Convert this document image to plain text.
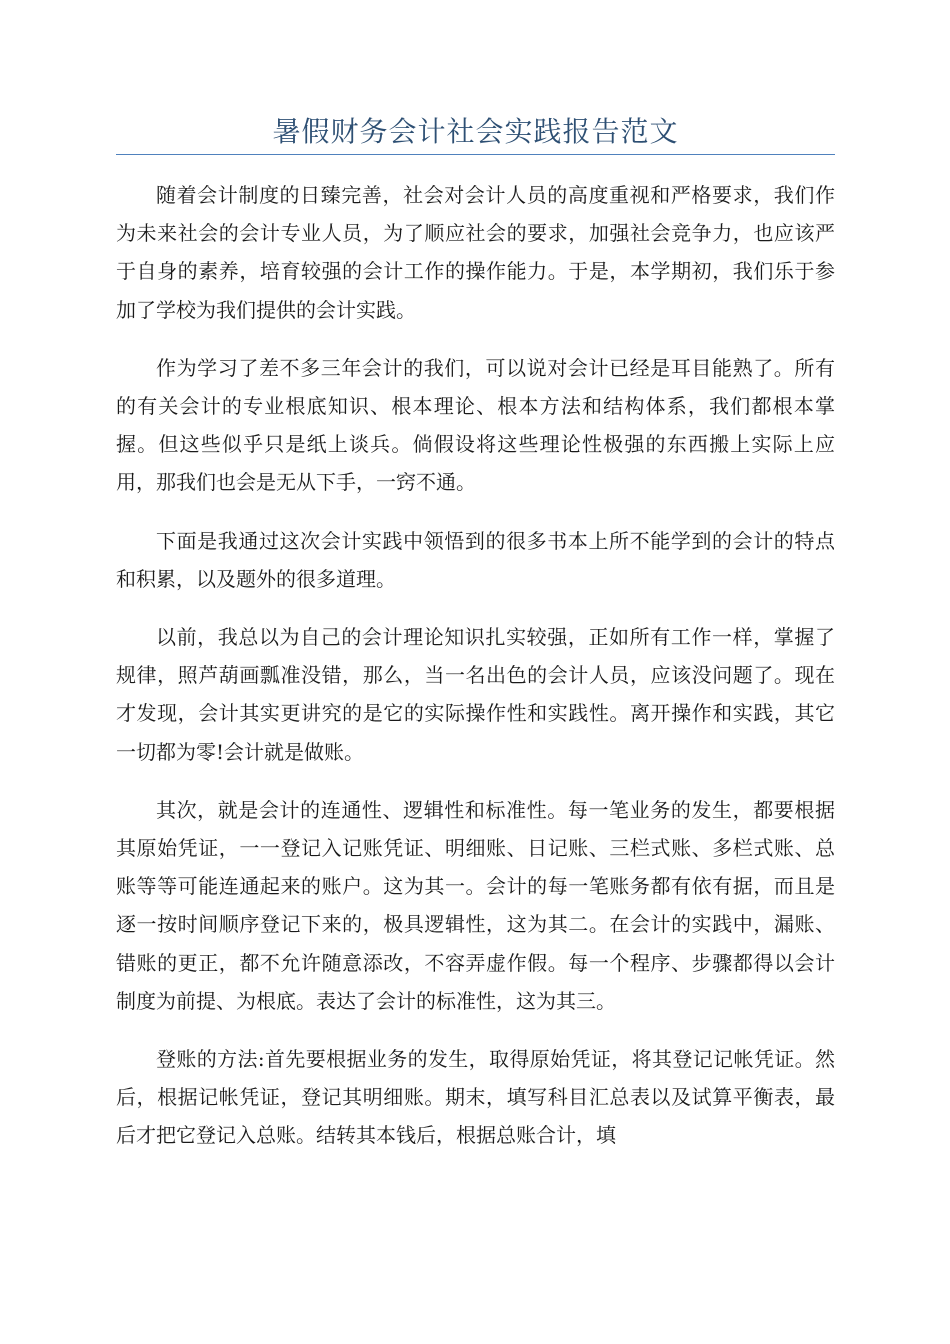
暑假财务会计社会实践报告范文

随着会计制度的日臻完善，社会对会计人员的高度重视和严格要求，我们作为未来社会的会计专业人员，为了顺应社会的要求，加强社会竞争力，也应该严于自身的素养，培育较强的会计工作的操作能力。于是，本学期初，我们乐于参加了学校为我们提供的会计实践。

作为学习了差不多三年会计的我们，可以说对会计已经是耳目能熟了。所有的有关会计的专业根底知识、根本理论、根本方法和结构体系，我们都根本掌握。但这些似乎只是纸上谈兵。倘假设将这些理论性极强的东西搬上实际上应用，那我们也会是无从下手，一窍不通。

下面是我通过这次会计实践中领悟到的很多书本上所不能学到的会计的特点和积累，以及题外的很多道理。

以前，我总以为自己的会计理论知识扎实较强，正如所有工作一样，掌握了规律，照芦葫画瓢准没错，那么，当一名出色的会计人员，应该没问题了。现在才发现，会计其实更讲究的是它的实际操作性和实践性。离开操作和实践，其它一切都为零!会计就是做账。

其次，就是会计的连通性、逻辑性和标准性。每一笔业务的发生，都要根据其原始凭证，一一登记入记账凭证、明细账、日记账、三栏式账、多栏式账、总账等等可能连通起来的账户。这为其一。会计的每一笔账务都有依有据，而且是逐一按时间顺序登记下来的，极具逻辑性，这为其二。在会计的实践中，漏账、错账的更正，都不允许随意添改，不容弄虚作假。每一个程序、步骤都得以会计制度为前提、为根底。表达了会计的标准性，这为其三。

登账的方法:首先要根据业务的发生，取得原始凭证，将其登记记帐凭证。然后，根据记帐凭证，登记其明细账。期末，填写科目汇总表以及试算平衡表，最后才把它登记入总账。结转其本钱后，根据总账合计，填
